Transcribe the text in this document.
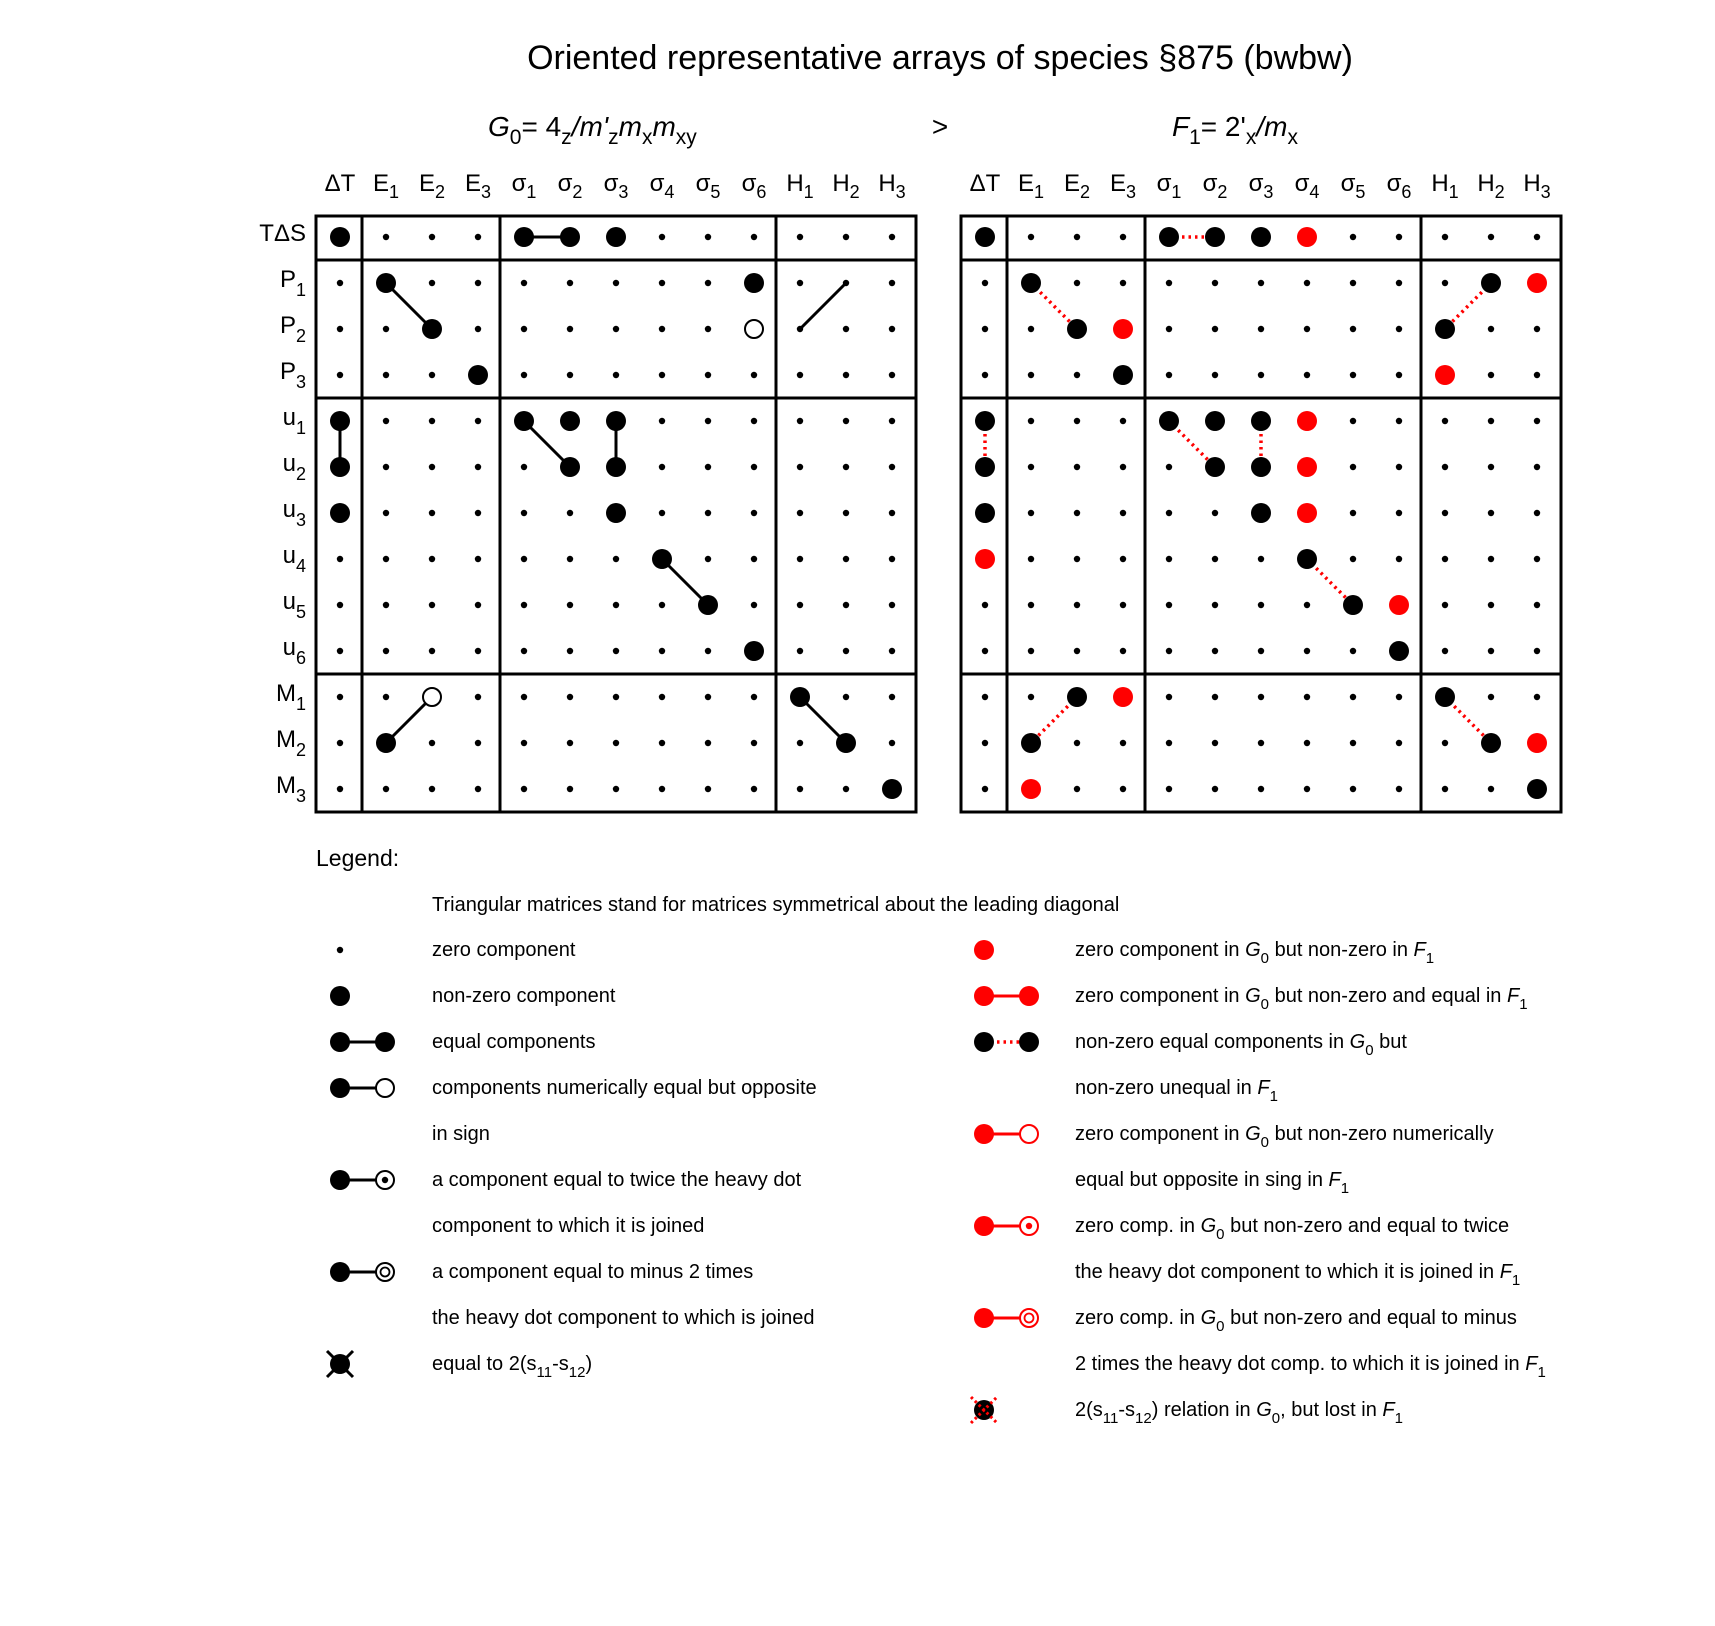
Oriented representative arrays of species §875 (bwbw)
G0= 4z/m'zmxmxy	>	F1= 2'x/mx
ΔT E1 E2 E3 σ1 σ2 σ3 σ4 σ5 σ6 H1 H2 H3
TΔS
P1
P2
P3
u1
u2
u3
u4
u5
u6
M1
M2
M3
ΔT E1 E2 E3 σ1 σ2 σ3 σ4 σ5 σ6 H1 H2 H3
Legend:
Triangular matrices stand for matrices symmetrical about the leading diagonal
zero component
non-zero component
equal components
components numerically equal but opposite
in sign
a component equal to twice the heavy dot
component to which it is joined
a component equal to minus 2 times
the heavy dot component to which is joined
equal to 2(s11-s12)
zero component in G0 but non-zero in F1
zero component in G0 but non-zero and equal in F1
non-zero equal components in G0 but
non-zero unequal in F1
zero component in G0 but non-zero numerically
equal but opposite in sing in F1
zero comp. in G0 but non-zero and equal to twice
the heavy dot component to which it is joined in F1
zero comp. in G0 but non-zero and equal to minus
2 times the heavy dot comp. to which it is joined in F1
2(s11-s12) relation in G0, but lost in F1
